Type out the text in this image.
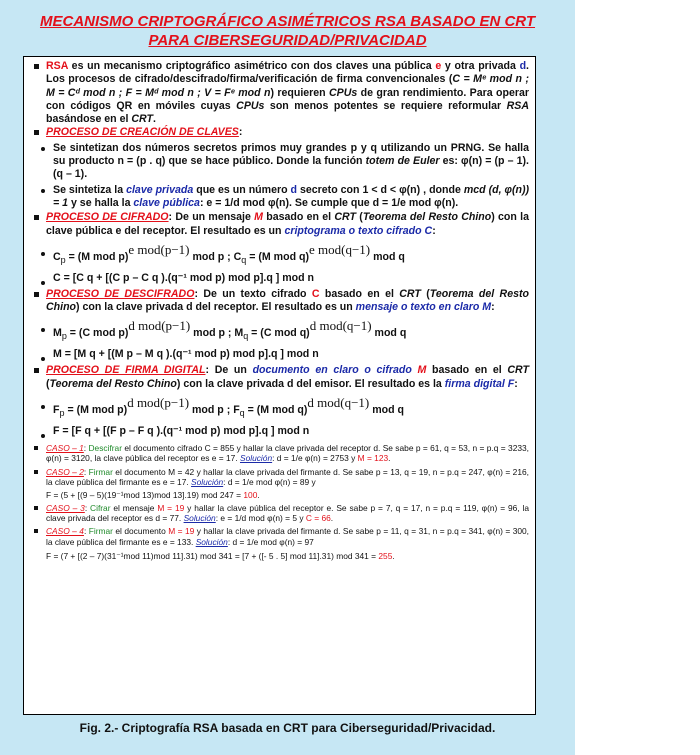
MECANISMO CRIPTOGRÁFICO ASIMÉTRICOS RSA BASADO EN CRT
PARA CIBERSEGURIDAD/PRIVACIDAD

RSA es un mecanismo criptográfico asimétrico con dos claves una pública e y otra privada d. Los procesos de cifrado/descifrado/firma/verificación de firma convencionales (C = Mᵉ mod n ; M = Cᵈ mod n ; F = Mᵈ mod n ; V = Fᵉ mod n) requieren CPUs de gran rendimiento. Para operar con códigos QR en móviles cuyas CPUs son menos potentes se requiere reformular RSA basándose en el CRT.

PROCESO DE CREACIÓN DE CLAVES:

Se sintetizan dos números secretos primos muy grandes p y q utilizando un PRNG. Se halla su producto n = (p . q) que se hace público. Donde la función totem de Euler es: φ(n) = (p – 1).(q – 1).

Se sintetiza la clave privada que es un número d secreto con 1 < d < φ(n) , donde mcd (d, φ(n)) = 1 y se halla la clave pública: e = 1/d mod φ(n). Se cumple que d = 1/e mod φ(n).

PROCESO DE CIFRADO: De un mensaje M basado en el CRT (Teorema del Resto Chino) con la clave pública e del receptor. El resultado es un criptograma o texto cifrado C:

$C_p = (M$ mod p)e mod(p−1) mod p ; $C_q = (M$ mod q)e mod(q−1) mod q

C = [C q + [(C p – C q ).(q⁻¹ mod p) mod p].q ] mod n

PROCESO DE DESCIFRADO: De un texto cifrado C basado en el CRT (Teorema del Resto Chino) con la clave privada d del receptor. El resultado es un mensaje o texto en claro M:

$M_p = (C$ mod p)d mod(p−1) mod p ; $M_q = (C$ mod q)d mod(q−1) mod q

M = [M q + [(M p – M q ).(q⁻¹ mod p) mod p].q ] mod n

PROCESO DE FIRMA DIGITAL: De un documento en claro o cifrado M basado en el CRT (Teorema del Resto Chino) con la clave privada d del emisor. El resultado es la firma digital F:

$F_p = (M$ mod p)d mod(p−1) mod p ; $F_q = (M$ mod q)d mod(q−1) mod q

F = [F q + [(F p – F q ).(q⁻¹ mod p) mod p].q ] mod n

CASO – 1: Descifrar el documento cifrado C = 855 y hallar la clave privada del receptor d. Se sabe p = 61, q = 53, n = p.q = 3233, φ(n) = 3120, la clave pública del receptor es e = 17. Solución: d = 1/e φ(n) = 2753 y M = 123.

CASO – 2: Firmar el documento M = 42 y hallar la clave privada del firmante d. Se sabe p = 13, q = 19, n = p.q = 247, φ(n) = 216, la clave pública del firmante es e = 17. Solución: d = 1/e mod φ(n) = 89 y

F = (5 + [(9 – 5)(19⁻¹mod 13)mod 13].19) mod 247 = 100.

CASO – 3: Cifrar el mensaje M = 19 y hallar la clave pública del receptor e. Se sabe p = 7, q = 17, n = p.q = 119, φ(n) = 96, la clave privada del receptor es d = 77. Solución: e = 1/d mod φ(n) = 5 y C = 66.

CASO – 4: Firmar el documento M = 19 y hallar la clave privada del firmante d. Se sabe p = 11, q = 31, n = p.q = 341, φ(n) = 300, la clave pública del firmante es e = 133. Solución: d = 1/e mod φ(n) = 97

F = (7 + [(2 – 7)(31⁻¹mod 11)mod 11].31) mod 341 = [7 + ([- 5 . 5] mod 11].31) mod 341 = 255.

Fig. 2.- Criptografía RSA basada en CRT para Ciberseguridad/Privacidad.
